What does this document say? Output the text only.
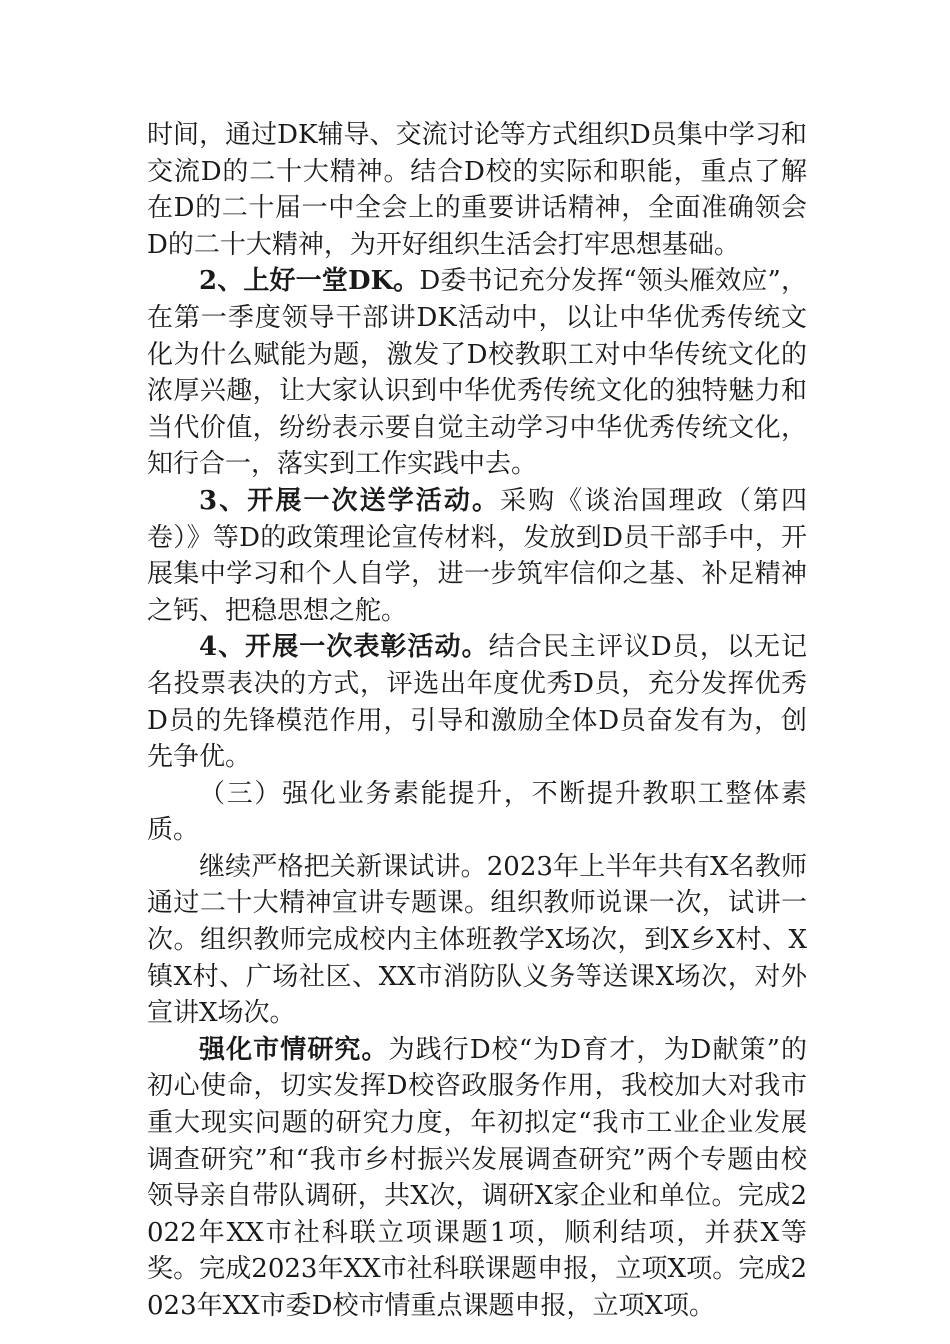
时间，通过DK辅导、交流讨论等方式组织D员集中学习和交流D的二十大精神。结合D校的实际和职能，重点了解在D的二十届一中全会上的重要讲话精神，全面准确领会D的二十大精神，为开好组织生活会打牢思想基础。

2、上好一堂DK。D委书记充分发挥“领头雁效应”，在第一季度领导干部讲DK活动中，以让中华优秀传统文化为什么赋能为题，激发了D校教职工对中华传统文化的浓厚兴趣，让大家认识到中华优秀传统文化的独特魅力和当代价值，纷纷表示要自觉主动学习中华优秀传统文化，知行合一，落实到工作实践中去。

3、开展一次送学活动。采购《谈治国理政（第四卷）》等D的政策理论宣传材料，发放到D员干部手中，开展集中学习和个人自学，进一步筑牢信仰之基、补足精神之钙、把稳思想之舵。

4、开展一次表彰活动。结合民主评议D员，以无记名投票表决的方式，评选出年度优秀D员，充分发挥优秀D员的先锋模范作用，引导和激励全体D员奋发有为，创先争优。

（三）强化业务素能提升，不断提升教职工整体素质。

继续严格把关新课试讲。2023年上半年共有X名教师通过二十大精神宣讲专题课。组织教师说课一次，试讲一次。组织教师完成校内主体班教学X场次，到X乡X村、X镇X村、广场社区、XX市消防队义务等送课X场次，对外宣讲X场次。

强化市情研究。为践行D校“为D育才，为D献策”的初心使命，切实发挥D校咨政服务作用，我校加大对我市重大现实问题的研究力度，年初拟定“我市工业企业发展调查研究”和“我市乡村振兴发展调查研究”两个专题由校领导亲自带队调研，共X次，调研X家企业和单位。完成2022年XX市社科联立项课题1项，顺利结项，并获X等奖。完成2023年XX市社科联课题申报，立项X项。完成2023年XX市委D校市情重点课题申报，立项X项。
